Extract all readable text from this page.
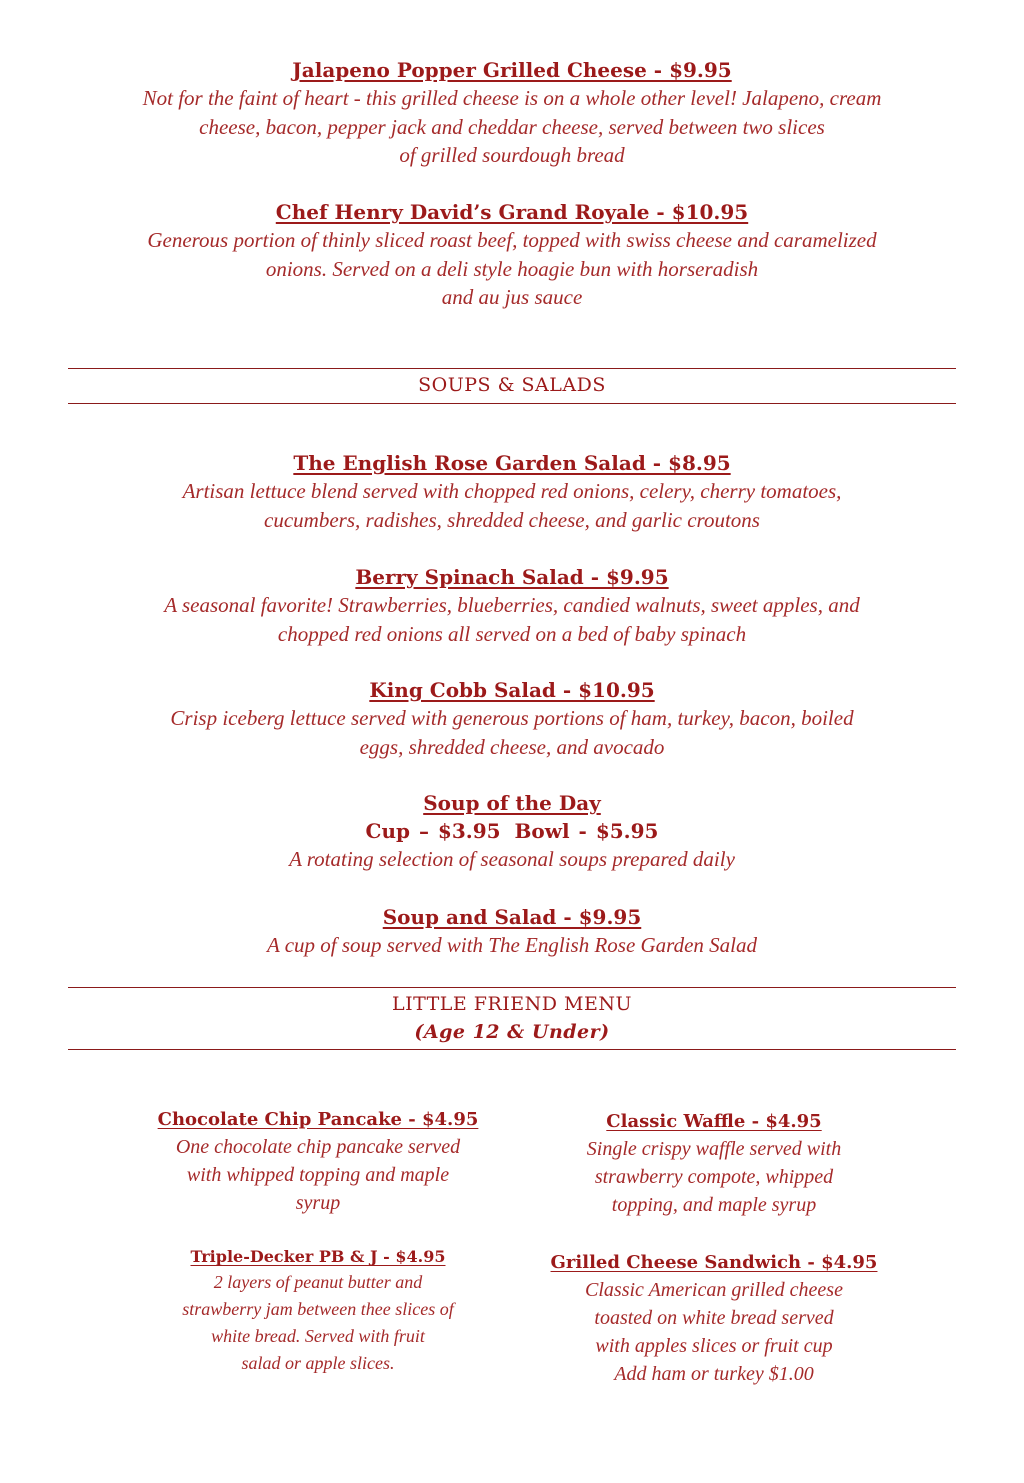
Jalapeno Popper Grilled Cheese - $9.95
Not for the faint of heart - this grilled cheese is on a whole other level! Jalapeno, cream
cheese, bacon, pepper jack and cheddar cheese, served between two slices
of grilled sourdough bread
Chef Henry David’s Grand Royale - $10.95
Generous portion of thinly sliced roast beef, topped with swiss cheese and caramelized
onions. Served on a deli style hoagie bun with horseradish
and au jus sauce
SOUPS & SALADS
The English Rose Garden Salad - $8.95
Artisan lettuce blend served with chopped red onions, celery, cherry tomatoes,
cucumbers, radishes, shredded cheese, and garlic croutons
Berry Spinach Salad - $9.95
A seasonal favorite! Strawberries, blueberries, candied walnuts, sweet apples, and
chopped red onions all served on a bed of baby spinach
King Cobb Salad - $10.95
Crisp iceberg lettuce served with generous portions of ham, turkey, bacon, boiled
eggs, shredded cheese, and avocado
Soup of the Day
Cup – $3.95 Bowl - $5.95
A rotating selection of seasonal soups prepared daily
Soup and Salad - $9.95
A cup of soup served with The English Rose Garden Salad
LITTLE FRIEND MENU
(Age 12 & Under)
Chocolate Chip Pancake - $4.95
One chocolate chip pancake served
with whipped topping and maple
syrup
Triple-Decker PB & J - $4.95
2 layers of peanut butter and
strawberry jam between thee slices of
white bread. Served with fruit
salad or apple slices.
Classic Waffle - $4.95
Single crispy waffle served with
strawberry compote, whipped
topping, and maple syrup
Grilled Cheese Sandwich - $4.95
Classic American grilled cheese
toasted on white bread served
with apples slices or fruit cup
Add ham or turkey $1.00
